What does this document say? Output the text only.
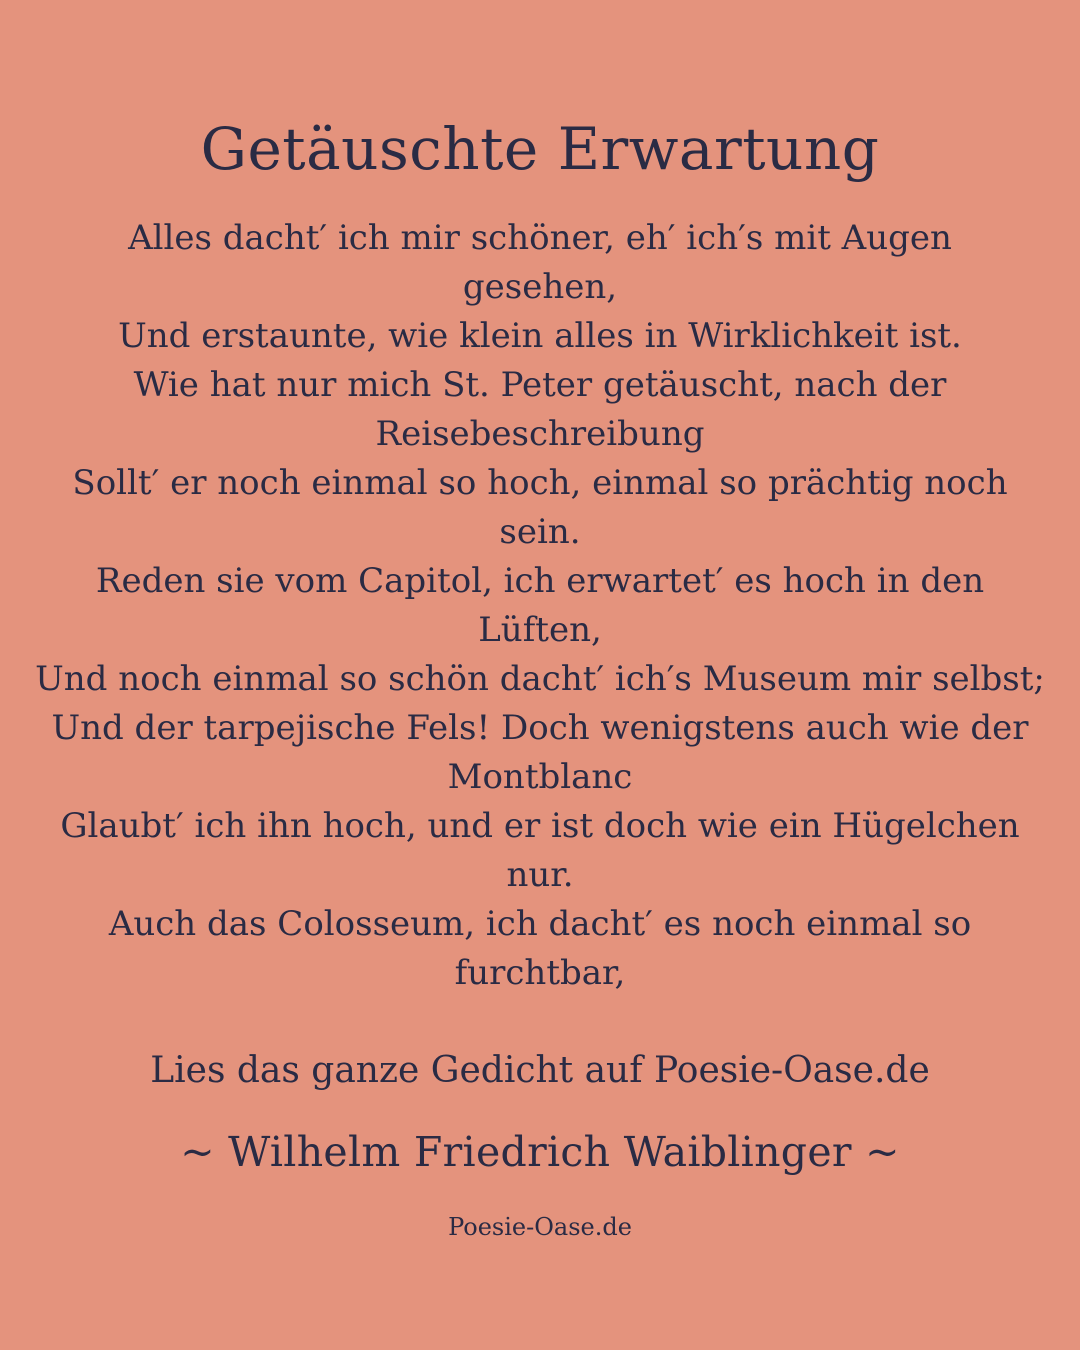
Getäuschte Erwartung
Alles dacht′ ich mir schöner, eh′ ich′s mit Augen
gesehen,
Und erstaunte, wie klein alles in Wirklichkeit ist.
Wie hat nur mich St. Peter getäuscht, nach der
Reisebeschreibung
Sollt′ er noch einmal so hoch, einmal so prächtig noch
sein.
Reden sie vom Capitol, ich erwartet′ es hoch in den
Lüften,
Und noch einmal so schön dacht′ ich′s Museum mir selbst;
Und der tarpejische Fels! Doch wenigstens auch wie der
Montblanc
Glaubt′ ich ihn hoch, und er ist doch wie ein Hügelchen
nur.
Auch das Colosseum, ich dacht′ es noch einmal so
furchtbar,

Lies das ganze Gedicht auf Poesie-Oase.de

~ Wilhelm Friedrich Waiblinger ~

Poesie-Oase.de
